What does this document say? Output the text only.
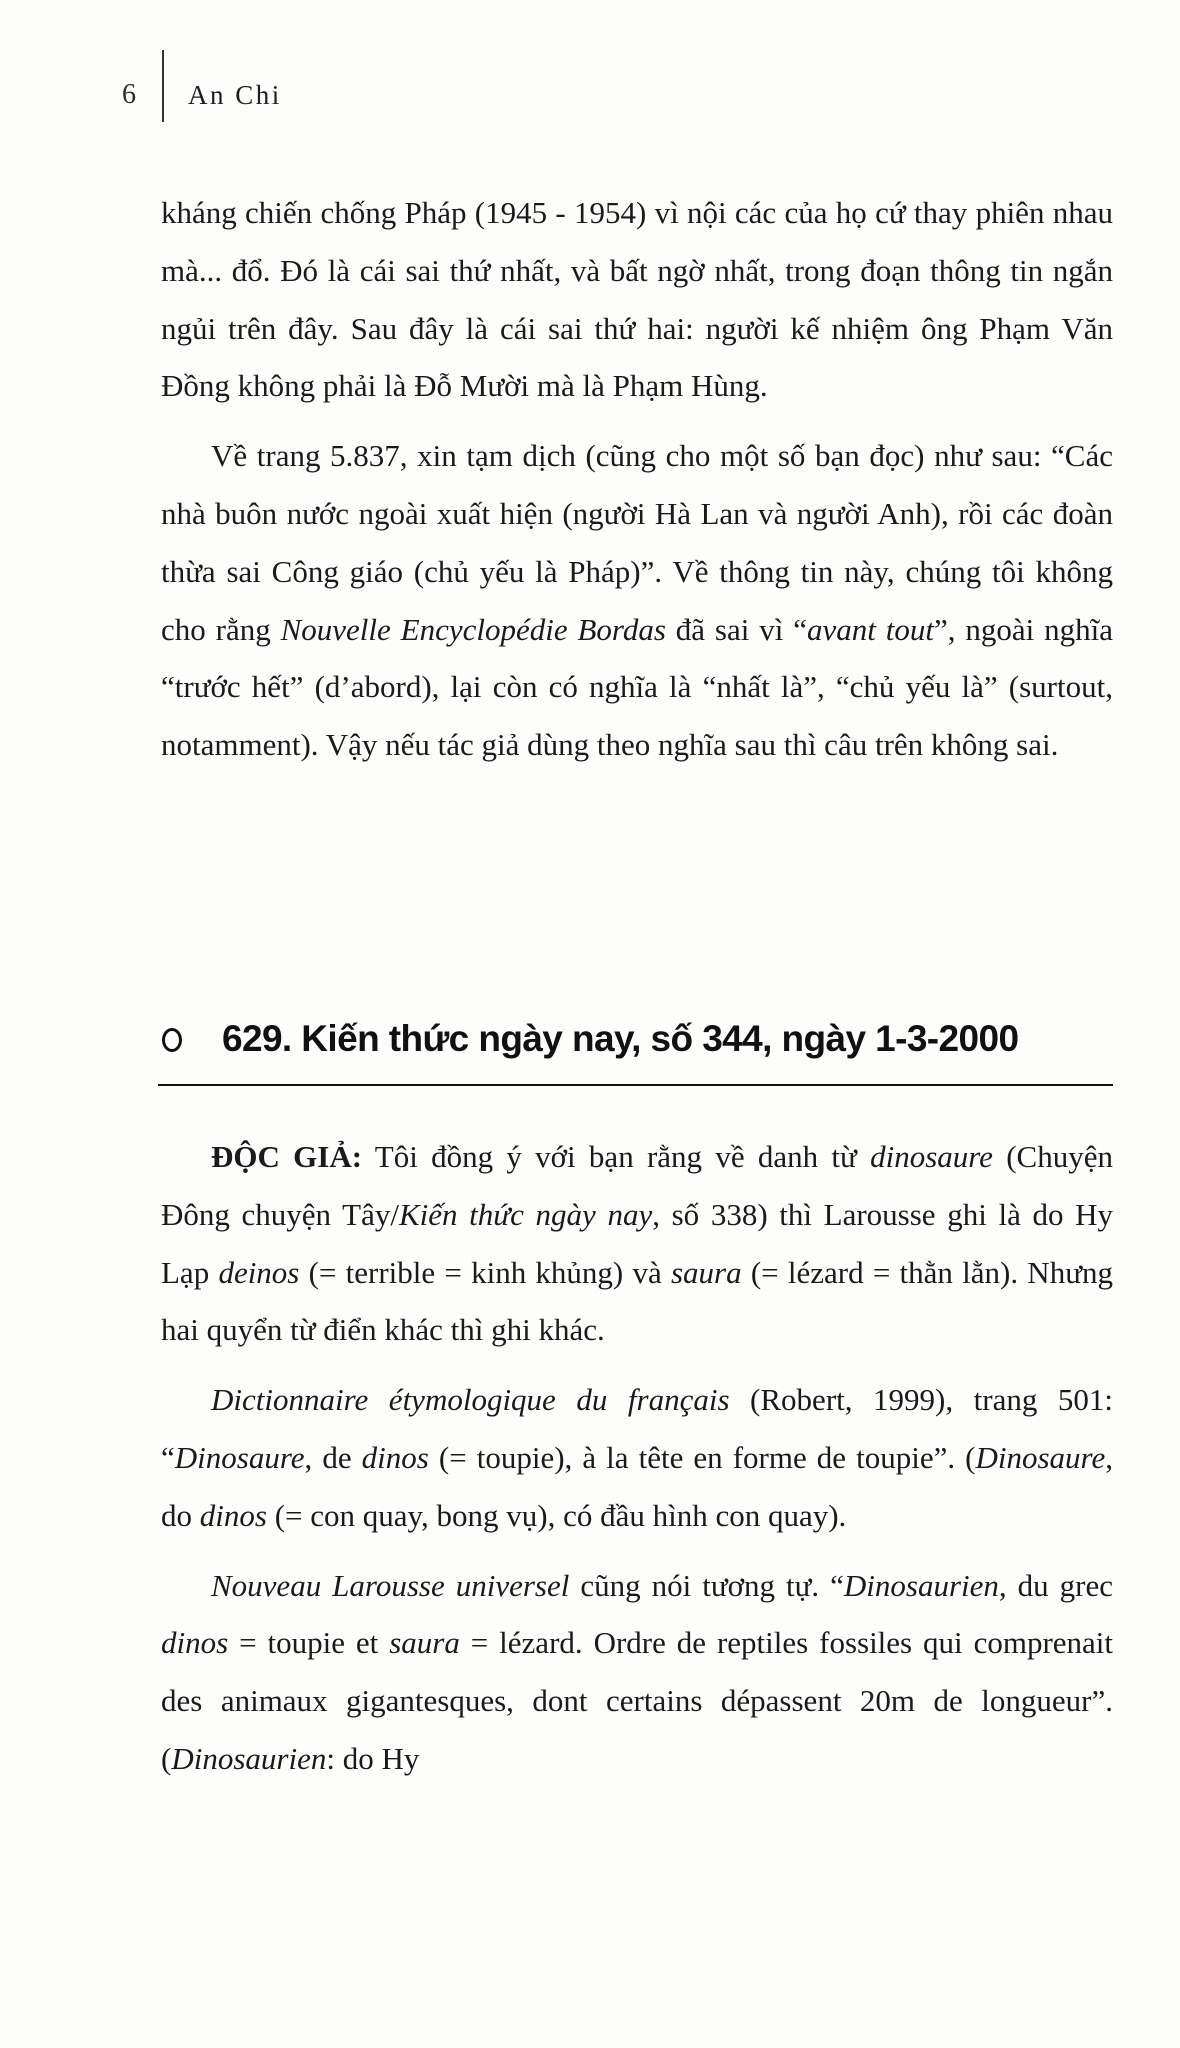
6 An Chi

kháng chiến chống Pháp (1945 - 1954) vì nội các của họ cứ thay phiên nhau mà... đổ. Đó là cái sai thứ nhất, và bất ngờ nhất, trong đoạn thông tin ngắn ngủi trên đây. Sau đây là cái sai thứ hai: người kế nhiệm ông Phạm Văn Đồng không phải là Đỗ Mười mà là Phạm Hùng.

Về trang 5.837, xin tạm dịch (cũng cho một số bạn đọc) như sau: “Các nhà buôn nước ngoài xuất hiện (người Hà Lan và người Anh), rồi các đoàn thừa sai Công giáo (chủ yếu là Pháp)”. Về thông tin này, chúng tôi không cho rằng Nouvelle Encyclopédie Bordas đã sai vì “avant tout”, ngoài nghĩa “trước hết” (d’abord), lại còn có nghĩa là “nhất là”, “chủ yếu là” (surtout, notamment). Vậy nếu tác giả dùng theo nghĩa sau thì câu trên không sai.

629. Kiến thức ngày nay, số 344, ngày 1-3-2000

ĐỘC GIẢ: Tôi đồng ý với bạn rằng về danh từ dinosaure (Chuyện Đông chuyện Tây/Kiến thức ngày nay, số 338) thì Larousse ghi là do Hy Lạp deinos (= terrible = kinh khủng) và saura (= lézard = thằn lằn). Nhưng hai quyển từ điển khác thì ghi khác.

Dictionnaire étymologique du français (Robert, 1999), trang 501: “Dinosaure, de dinos (= toupie), à la tête en forme de toupie”. (Dinosaure, do dinos (= con quay, bong vụ), có đầu hình con quay).

Nouveau Larousse universel cũng nói tương tự. “Dinosaurien, du grec dinos = toupie et saura = lézard. Ordre de reptiles fossiles qui comprenait des animaux gigantesques, dont certains dépassent 20m de longueur”. (Dinosaurien: do Hy
